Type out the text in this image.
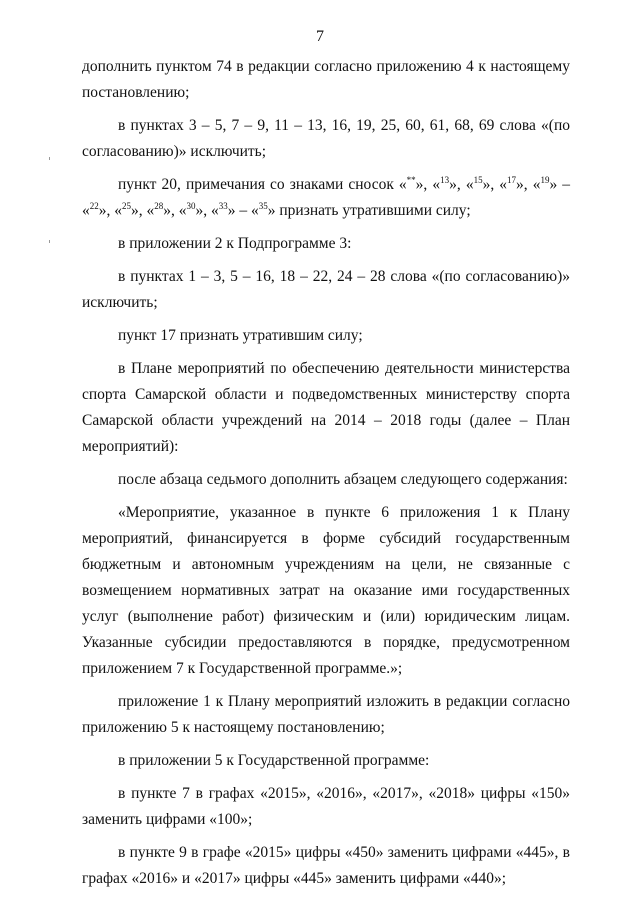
7

дополнить пунктом 74 в редакции согласно приложению 4 к настоящему постановлению;

в пунктах 3 – 5, 7 – 9, 11 – 13, 16, 19, 25, 60, 61, 68, 69 слова «(по согласованию)» исключить;

пункт 20, примечания со знаками сносок «**», «$^{13}$», «$^{15}$», «$^{17}$», «$^{19}$» – «$^{22}$», «$^{25}$», «$^{28}$», «$^{30}$», «$^{33}$» – «$^{35}$» признать утратившими силу;

в приложении 2 к Подпрограмме 3:

в пунктах 1 – 3, 5 – 16, 18 – 22, 24 – 28 слова «(по согласованию)» исключить;

пункт 17 признать утратившим силу;

в Плане мероприятий по обеспечению деятельности министерства спорта Самарской области и подведомственных министерству спорта Самарской области учреждений на 2014 – 2018 годы (далее – План мероприятий):

после абзаца седьмого дополнить абзацем следующего содержания:

«Мероприятие, указанное в пункте 6 приложения 1 к Плану мероприятий, финансируется в форме субсидий государственным бюджетным и автономным учреждениям на цели, не связанные с возмещением нормативных затрат на оказание ими государственных услуг (выполнение работ) физическим и (или) юридическим лицам. Указанные субсидии предоставляются в порядке, предусмотренном приложением 7 к Государственной программе.»;

приложение 1 к Плану мероприятий изложить в редакции согласно приложению 5 к настоящему постановлению;

в приложении 5 к Государственной программе:

в пункте 7 в графах «2015», «2016», «2017», «2018» цифры «150» заменить цифрами «100»;

в пункте 9 в графе «2015» цифры «450» заменить цифрами «445», в графах «2016» и «2017» цифры «445» заменить цифрами «440»;
